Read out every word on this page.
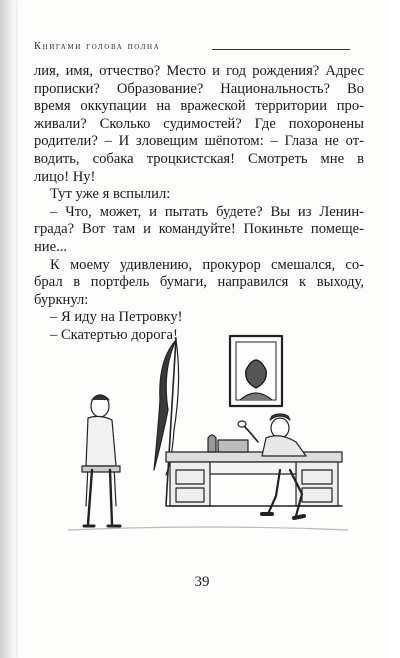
Книгами голова полна
лия, имя, отчество? Место и год рождения? Адрес
прописки? Образование? Национальность? Во
время оккупации на вражеской территории про-
живали? Сколько судимостей? Где похоронены
родители? – И зловещим шёпотом: – Глаза не от-
водить, собака троцкистская! Смотреть мне в
лицо! Ну!
Тут уже я вспылил:
– Что, может, и пытать будете? Вы из Ленин-
града? Вот там и командуйте! Покиньте помеще-
ние...
К моему удивлению, прокурор смешался, со-
брал в портфель бумаги, направился к выходу,
буркнул:
– Я иду на Петровку!
– Скатертью дорога!
39
